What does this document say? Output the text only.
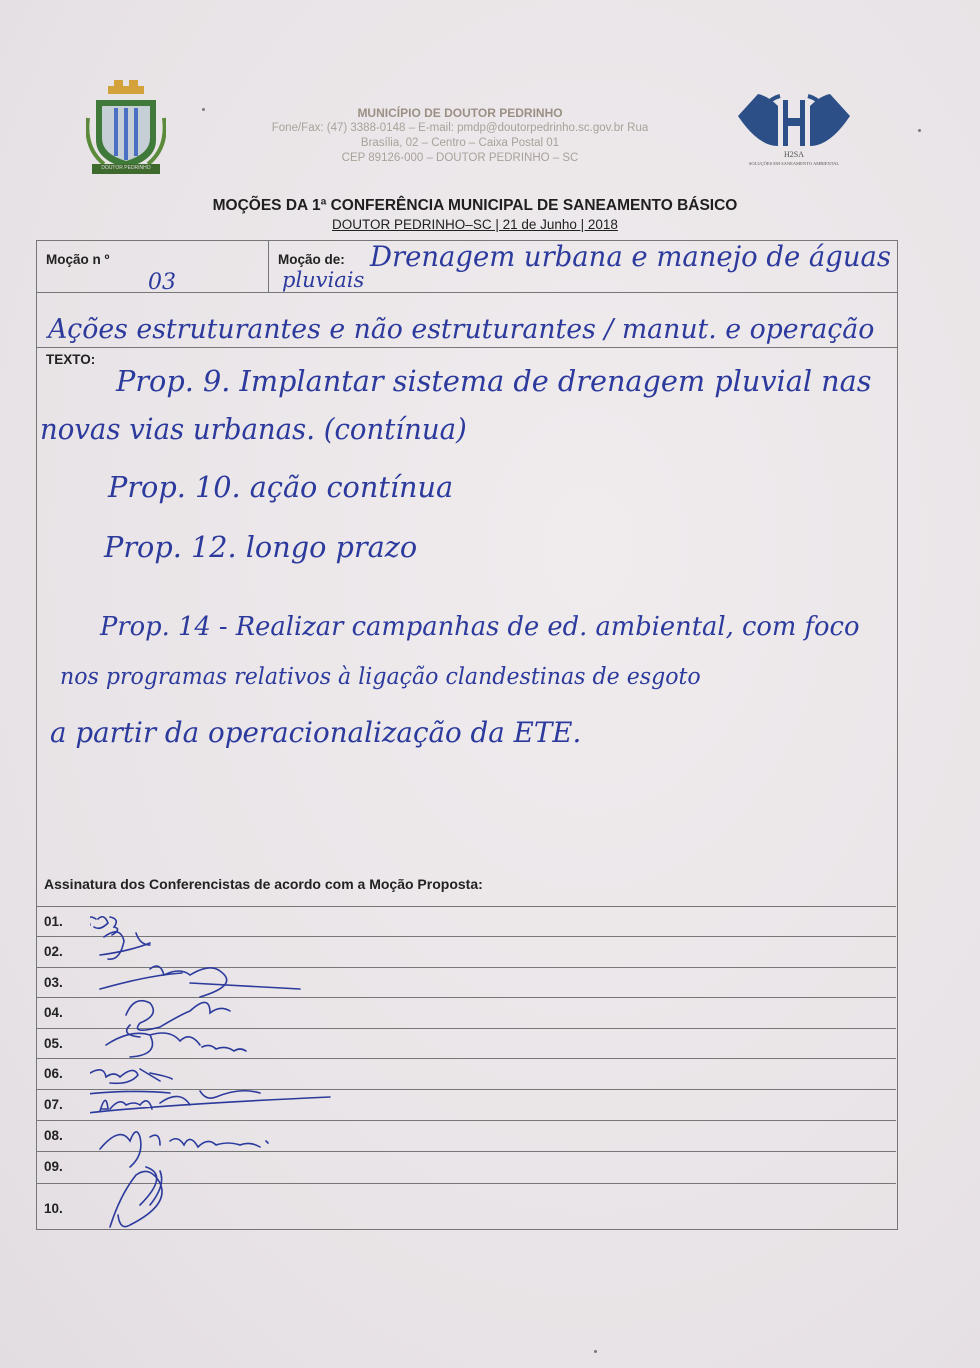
DOUTOR PEDRINHO
MUNICÍPIO DE DOUTOR PEDRINHO
Fone/Fax: (47) 3388-0148 – E-mail: pmdp@doutorpedrinho.sc.gov.br Rua
Brasília, 02 – Centro – Caixa Postal 01
CEP 89126-000 – DOUTOR PEDRINHO – SC	H2SA
SOLUÇÕES EM SANEAMENTO AMBIENTAL
MOÇÕES DA 1ª CONFERÊNCIA MUNICIPAL DE SANEAMENTO BÁSICO
DOUTOR PEDRINHO–SC | 21 de Junho | 2018
Moção n º
03
Moção de: Drenagem urbana e manejo de águas
pluviais
Ações estruturantes e não estruturantes / manut. e operação
TEXTO:
Prop. 9. Implantar sistema de drenagem pluvial nas
novas vias urbanas. (contínua)
Prop. 10. ação contínua
Prop. 12. longo prazo
Prop. 14 - Realizar campanhas de ed. ambiental, com foco
nos programas relativos à ligação clandestinas de esgoto
a partir da operacionalização da ETE.
Assinatura dos Conferencistas de acordo com a Moção Proposta:
01.
02.
03.
04.
05.
06.
07.
08.
09.
10.
